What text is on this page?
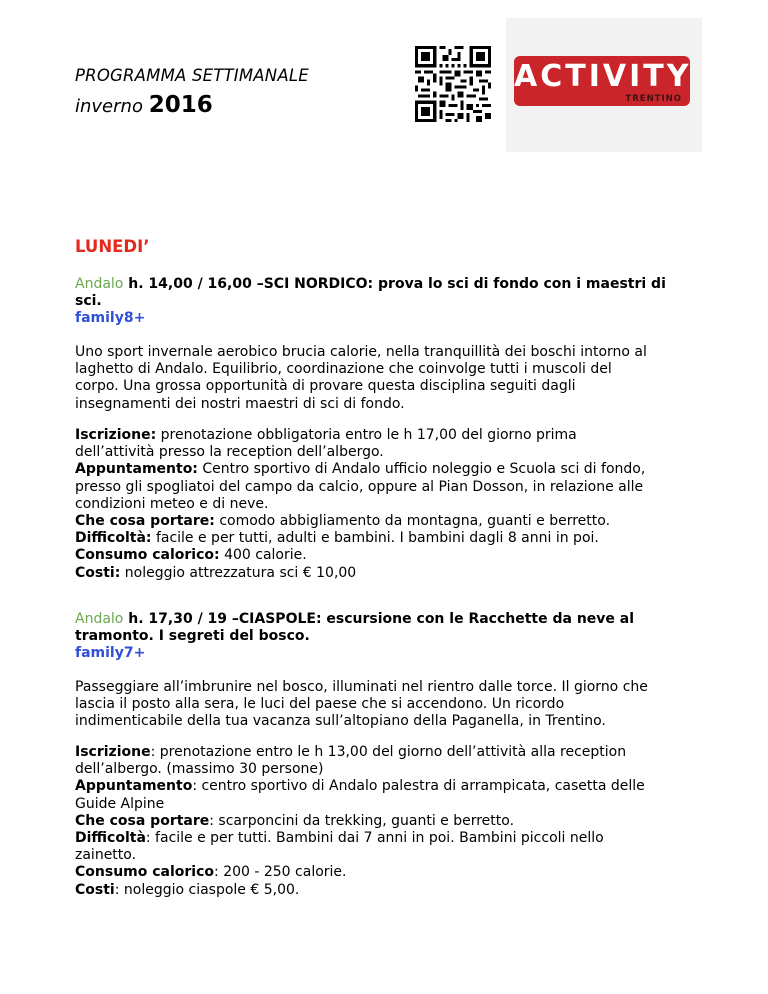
PROGRAMMA SETTIMANALE
inverno 2016
ACTIVITY
TRENTINO
LUNEDI’

Andalo h. 14,00 / 16,00 –SCI NORDICO: prova lo sci di fondo con i maestri di

sci.

family8+

Uno sport invernale aerobico brucia calorie, nella tranquillità dei boschi intorno al

laghetto di Andalo. Equilibrio, coordinazione che coinvolge tutti i muscoli del

corpo. Una grossa opportunità di provare questa disciplina seguiti dagli

insegnamenti dei nostri maestri di sci di fondo.

Iscrizione: prenotazione obbligatoria entro le h 17,00 del giorno prima

dell’attività presso la reception dell’albergo.

Appuntamento: Centro sportivo di Andalo ufficio noleggio e Scuola sci di fondo,

presso gli spogliatoi del campo da calcio, oppure al Pian Dosson, in relazione alle

condizioni meteo e di neve.

Che cosa portare: comodo abbigliamento da montagna, guanti e berretto.

Difficoltà: facile e per tutti, adulti e bambini. I bambini dagli 8 anni in poi.

Consumo calorico: 400 calorie.

Costi: noleggio attrezzatura sci € 10,00

Andalo h. 17,30 / 19 –CIASPOLE: escursione con le Racchette da neve al

tramonto. I segreti del bosco.

family7+

Passeggiare all’imbrunire nel bosco, illuminati nel rientro dalle torce. Il giorno che

lascia il posto alla sera, le luci del paese che si accendono. Un ricordo

indimenticabile della tua vacanza sull’altopiano della Paganella, in Trentino.

Iscrizione: prenotazione entro le h 13,00 del giorno dell’attività alla reception

dell’albergo. (massimo 30 persone)

Appuntamento: centro sportivo di Andalo palestra di arrampicata, casetta delle

Guide Alpine

Che cosa portare: scarponcini da trekking, guanti e berretto.

Difficoltà: facile e per tutti. Bambini dai 7 anni in poi. Bambini piccoli nello

zainetto.

Consumo calorico: 200 - 250 calorie.

Costi: noleggio ciaspole € 5,00.
